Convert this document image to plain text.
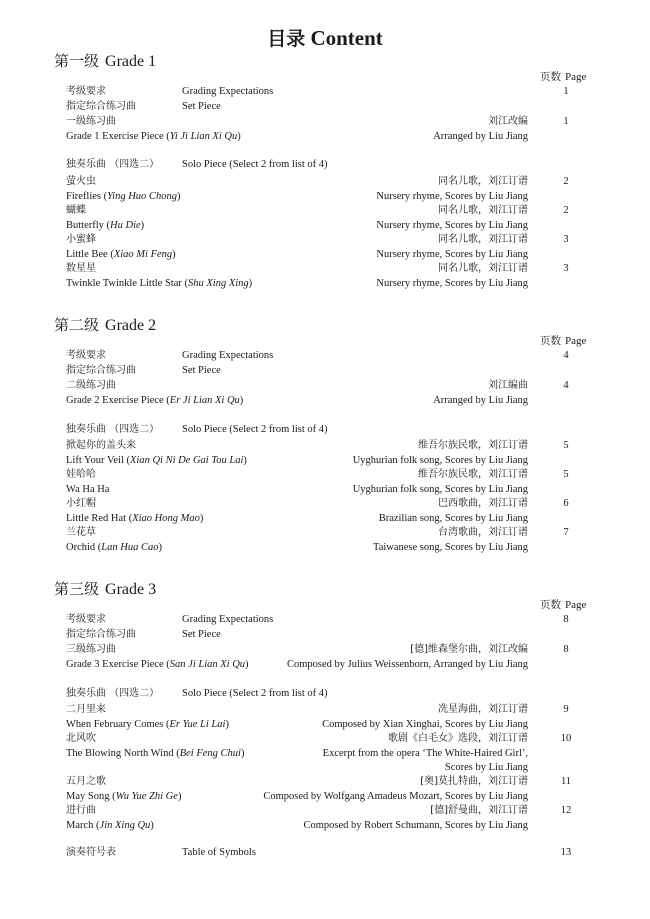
目录 Content
第一级 Grade 1
页数 Page
考级要求	Grading Expectations	1
指定综合练习曲	Set Piece
一级练习曲	刘江改编	1
Grade 1 Exercise Piece (Yi Ji Lian Xi Qu)	Arranged by Liu Jiang
独奏乐曲 （四选二） Solo Piece (Select 2 from list of 4)
萤火虫	同名儿歌，刘江订谱	2
Fireflies (Ying Huo Chong)	Nursery rhyme, Scores by Liu Jiang
蝴蝶	同名儿歌，刘江订谱	2
Butterfly (Hu Die)	Nursery rhyme, Scores by Liu Jiang
小蜜蜂	同名儿歌，刘江订谱	3
Little Bee (Xiao Mi Feng)	Nursery rhyme, Scores by Liu Jiang
数星星	同名儿歌，刘江订谱	3
Twinkle Twinkle Little Star (Shu Xing Xing)	Nursery rhyme, Scores by Liu Jiang
第二级 Grade 2
页数 Page
考级要求	Grading Expectations	4
指定综合练习曲	Set Piece
二级练习曲	刘江编曲	4
Grade 2 Exercise Piece (Er Ji Lian Xi Qu)	Arranged by Liu Jiang
独奏乐曲 （四选二） Solo Piece (Select 2 from list of 4)
掀起你的盖头来	维吾尔族民歌，刘江订谱	5
Lift Your Veil (Xian Qi Ni De Gai Tou Lai)	Uyghurian folk song, Scores by Liu Jiang
娃哈哈	维吾尔族民歌，刘江订谱	5
Wa Ha Ha	Uyghurian folk song, Scores by Liu Jiang
小红帽	巴西歌曲，刘江订谱	6
Little Red Hat (Xiao Hong Mao)	Brazilian song, Scores by Liu Jiang
兰花草	台湾歌曲，刘江订谱	7
Orchid (Lan Hua Cao)	Taiwanese song, Scores by Liu Jiang
第三级 Grade 3
页数 Page
考级要求	Grading Expectations	8
指定综合练习曲	Set Piece
三级练习曲	[德]维森堡尔曲，刘江改编	8
Grade 3 Exercise Piece (San Ji Lian Xi Qu)	Composed by Julius Weissenborn, Arranged by Liu Jiang
独奏乐曲 （四选二） Solo Piece (Select 2 from list of 4)
二月里来	冼星海曲，刘江订谱	9
When February Comes (Er Yue Li Lai)	Composed by Xian Xinghai, Scores by Liu Jiang
北风吹	歌剧《白毛女》选段，刘江订谱	10
The Blowing North Wind (Bei Feng Chui)	Excerpt from the opera ‘The White-Haired Girl’,
Scores by Liu Jiang
五月之歌	[奥]莫扎特曲，刘江订谱	11
May Song (Wu Yue Zhi Ge)	Composed by Wolfgang Amadeus Mozart, Scores by Liu Jiang
进行曲	[德]舒曼曲，刘江订谱	12
March (Jin Xing Qu)	Composed by Robert Schumann, Scores by Liu Jiang
演奏符号表	Table of Symbols	13
